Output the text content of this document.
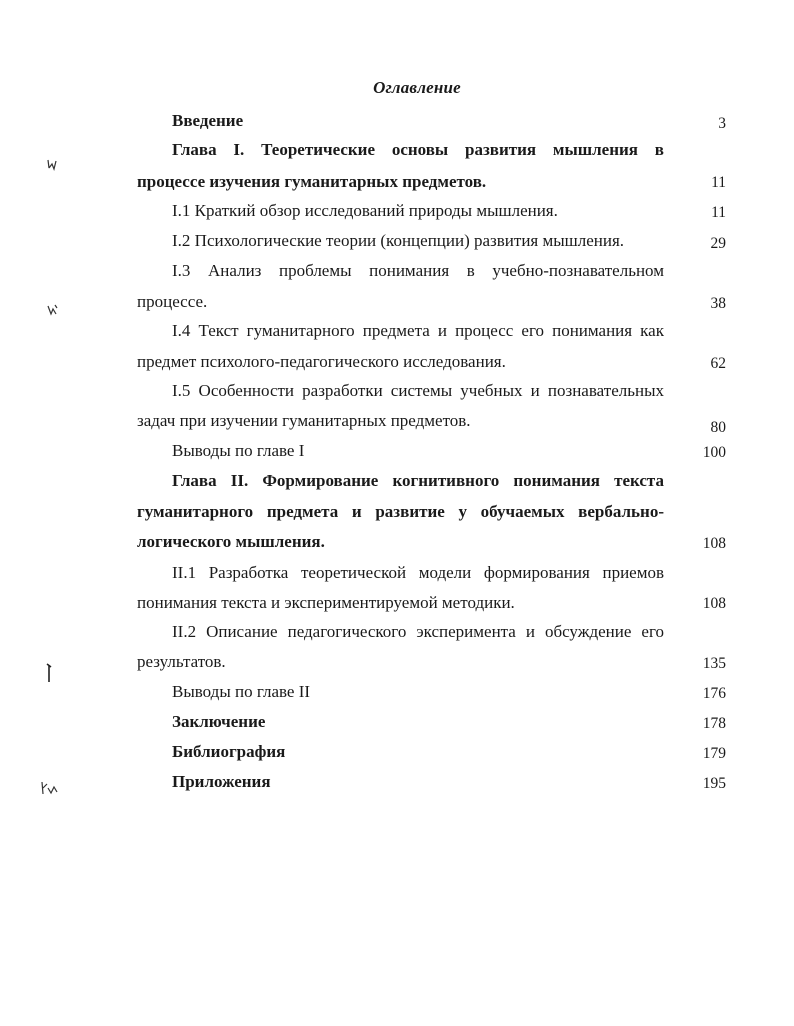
Оглавление
Введение	3
Глава I. Теоретические основы развития мышления в
процессе изучения гуманитарных предметов.	11
I.1 Краткий обзор исследований природы мышления.	11
I.2 Психологические теории (концепции) развития мышления.	29
I.3 Анализ проблемы понимания в учебно-познавательном
процессе.	38
I.4 Текст гуманитарного предмета и процесс его понимания как
предмет психолого-педагогического исследования.	62
I.5 Особенности разработки системы учебных и познавательных
задач при изучении гуманитарных предметов.	80
Выводы по главе I	100
Глава II. Формирование когнитивного понимания текста
гуманитарного предмета и развитие у обучаемых вербально-
логического мышления.	108
II.1 Разработка теоретической модели формирования приемов
понимания текста и экспериментируемой методики.	108
II.2 Описание педагогического эксперимента и обсуждение его
результатов.	135
Выводы по главе II	176
Заключение	178
Библиография	179
Приложения	195
